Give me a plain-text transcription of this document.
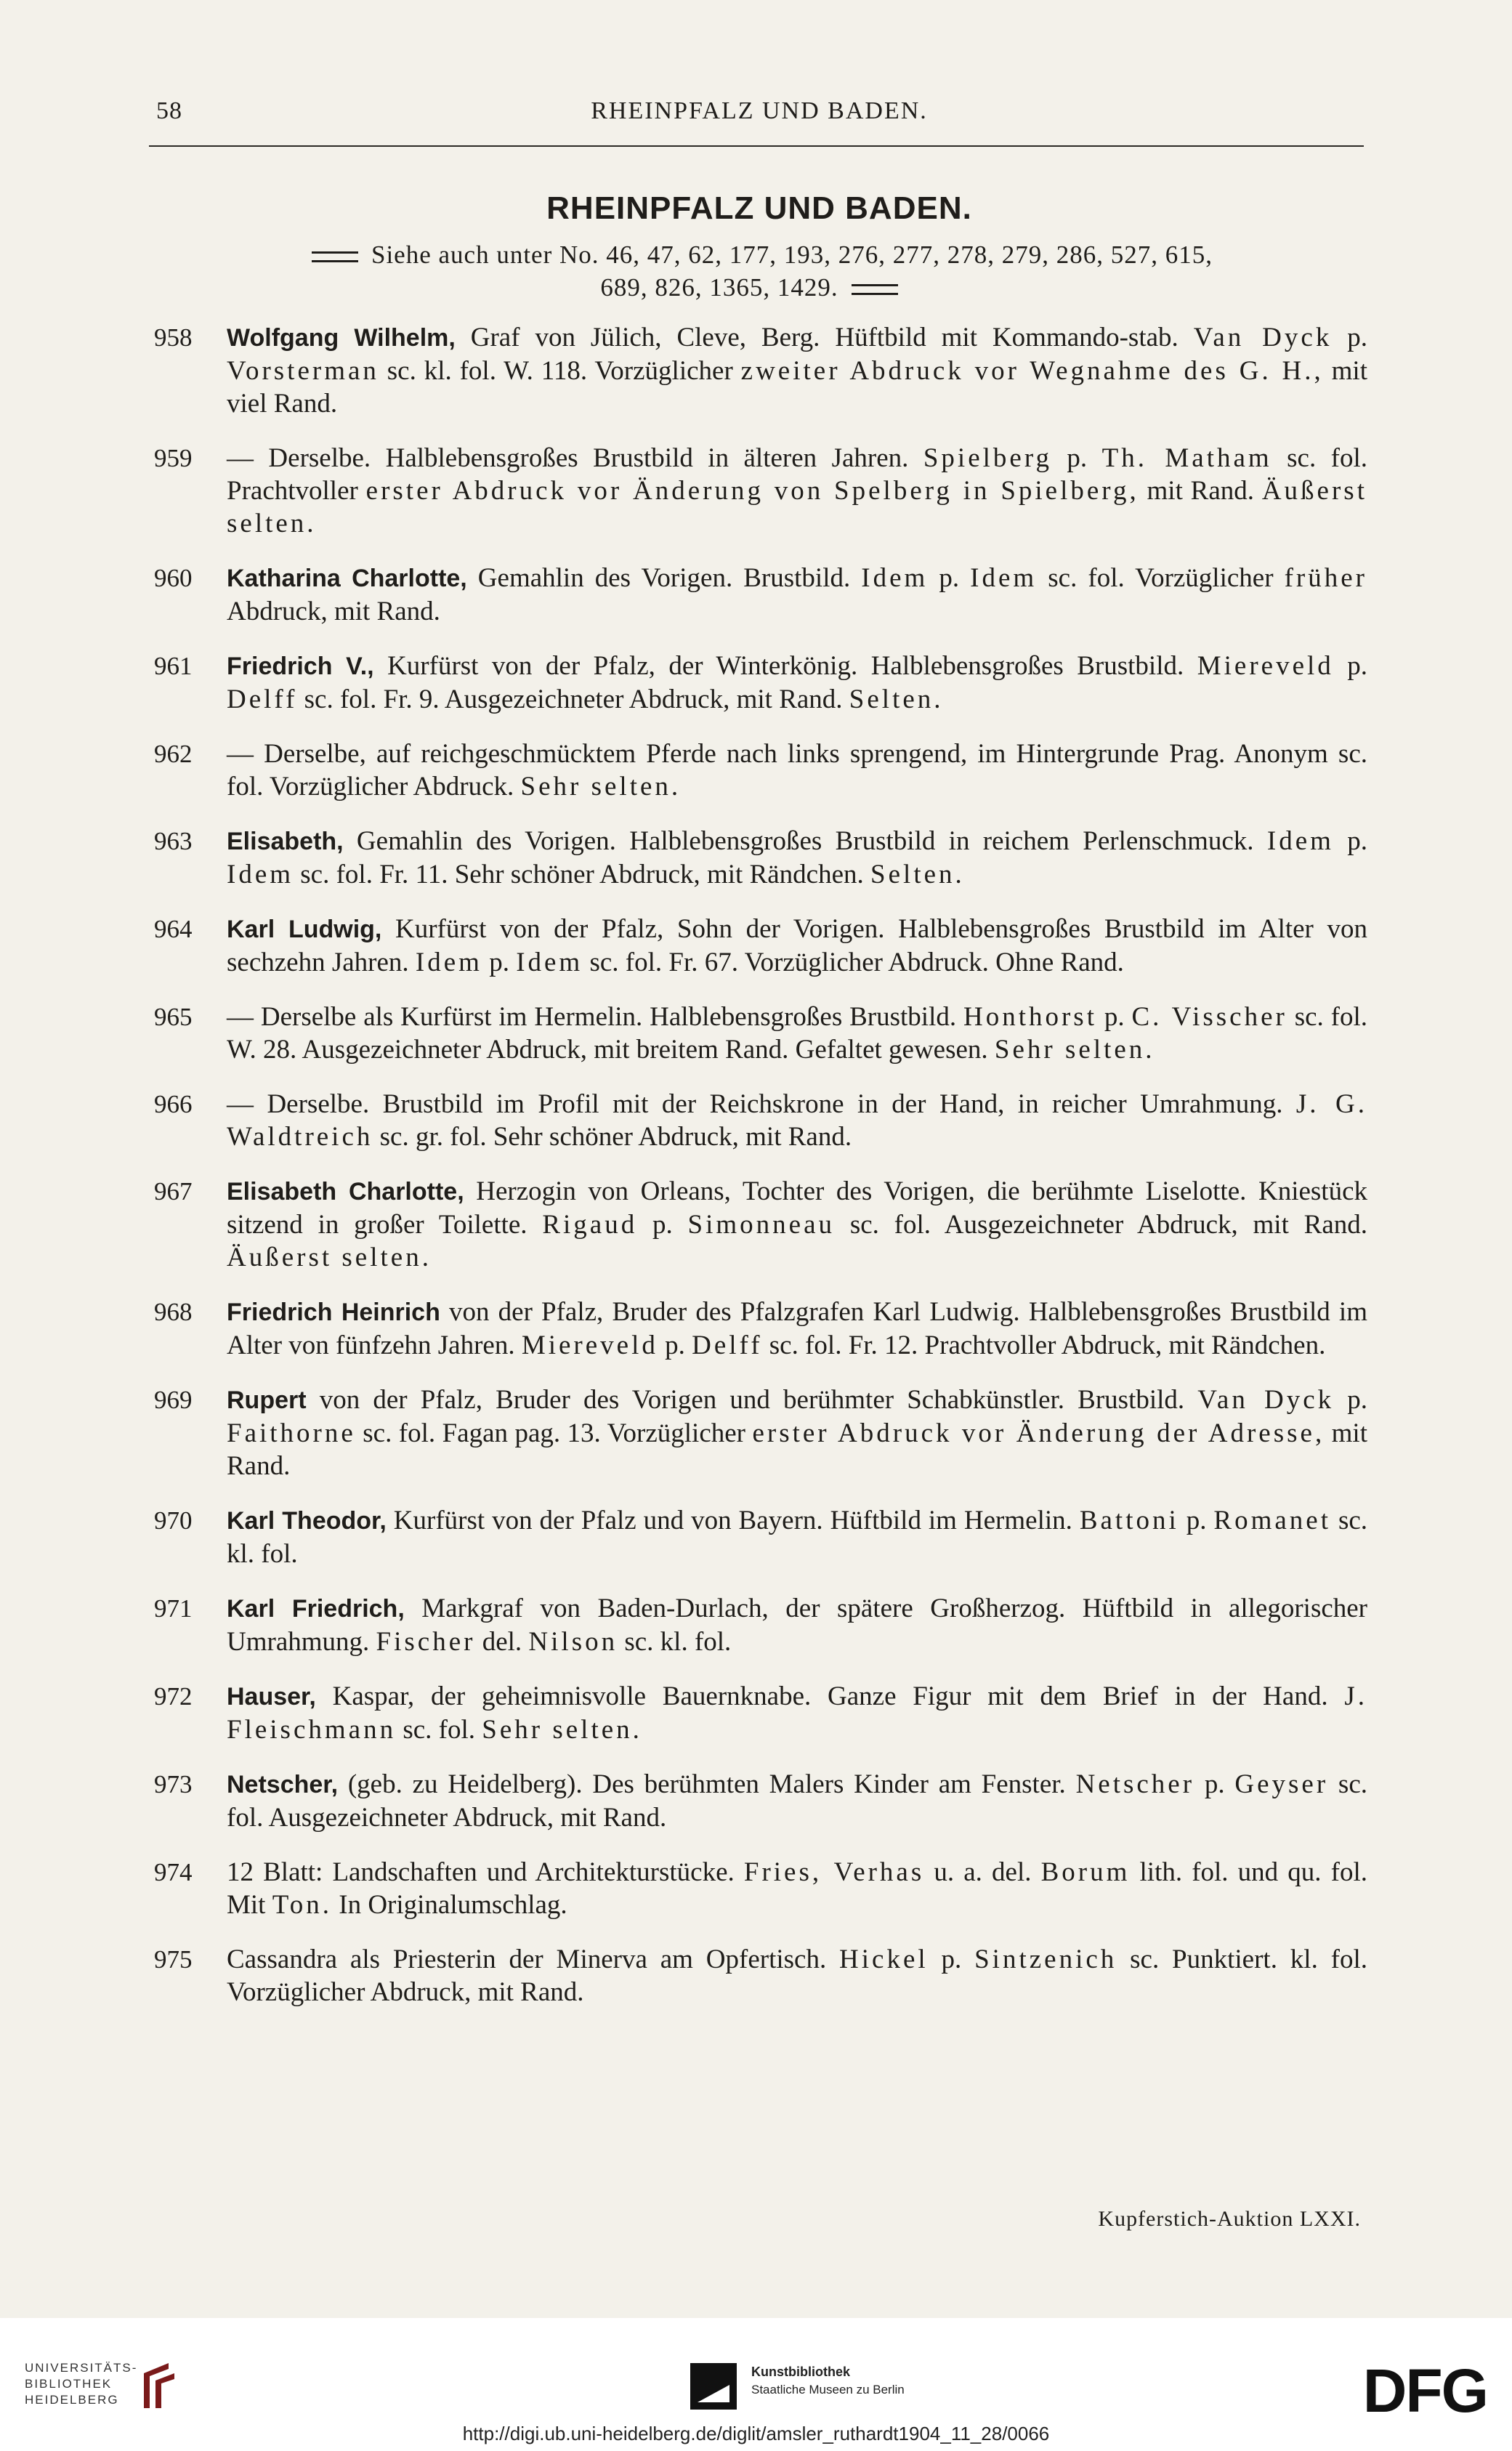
58	RHEINPFALZ UND BADEN.
RHEINPFALZ UND BADEN.
Siehe auch unter No. 46, 47, 62, 177, 193, 276, 277, 278, 279, 286, 527, 615,
689, 826, 1365, 1429.
958	Wolfgang Wilhelm, Graf von Jülich, Cleve, Berg. Hüftbild mit Kommando-stab. Van Dyck p. Vorsterman sc. kl. fol. W. 118. Vorzüglicher zweiter Abdruck vor Wegnahme des G. H., mit viel Rand.
959	— Derselbe. Halblebensgroßes Brustbild in älteren Jahren. Spielberg p. Th. Matham sc. fol. Prachtvoller erster Abdruck vor Änderung von Spelberg in Spielberg, mit Rand. Äußerst selten.
960	Katharina Charlotte, Gemahlin des Vorigen. Brustbild. Idem p. Idem sc. fol. Vorzüglicher früher Abdruck, mit Rand.
961	Friedrich V., Kurfürst von der Pfalz, der Winterkönig. Halblebensgroßes Brustbild. Miereveld p. Delff sc. fol. Fr. 9. Ausgezeichneter Abdruck, mit Rand. Selten.
962	— Derselbe, auf reichgeschmücktem Pferde nach links sprengend, im Hintergrunde Prag. Anonym sc. fol. Vorzüglicher Abdruck. Sehr selten.
963	Elisabeth, Gemahlin des Vorigen. Halblebensgroßes Brustbild in reichem Perlenschmuck. Idem p. Idem sc. fol. Fr. 11. Sehr schöner Abdruck, mit Rändchen. Selten.
964	Karl Ludwig, Kurfürst von der Pfalz, Sohn der Vorigen. Halblebensgroßes Brustbild im Alter von sechzehn Jahren. Idem p. Idem sc. fol. Fr. 67. Vorzüglicher Abdruck. Ohne Rand.
965	— Derselbe als Kurfürst im Hermelin. Halblebensgroßes Brustbild. Honthorst p. C. Visscher sc. fol. W. 28. Ausgezeichneter Abdruck, mit breitem Rand. Gefaltet gewesen. Sehr selten.
966	— Derselbe. Brustbild im Profil mit der Reichskrone in der Hand, in reicher Umrahmung. J. G. Waldtreich sc. gr. fol. Sehr schöner Abdruck, mit Rand.
967	Elisabeth Charlotte, Herzogin von Orleans, Tochter des Vorigen, die berühmte Liselotte. Kniestück sitzend in großer Toilette. Rigaud p. Simonneau sc. fol. Ausgezeichneter Abdruck, mit Rand. Äußerst selten.
968	Friedrich Heinrich von der Pfalz, Bruder des Pfalzgrafen Karl Ludwig. Halblebensgroßes Brustbild im Alter von fünfzehn Jahren. Miereveld p. Delff sc. fol. Fr. 12. Prachtvoller Abdruck, mit Rändchen.
969	Rupert von der Pfalz, Bruder des Vorigen und berühmter Schabkünstler. Brustbild. Van Dyck p. Faithorne sc. fol. Fagan pag. 13. Vorzüglicher erster Abdruck vor Änderung der Adresse, mit Rand.
970	Karl Theodor, Kurfürst von der Pfalz und von Bayern. Hüftbild im Hermelin. Battoni p. Romanet sc. kl. fol.
971	Karl Friedrich, Markgraf von Baden-Durlach, der spätere Großherzog. Hüftbild in allegorischer Umrahmung. Fischer del. Nilson sc. kl. fol.
972	Hauser, Kaspar, der geheimnisvolle Bauernknabe. Ganze Figur mit dem Brief in der Hand. J. Fleischmann sc. fol. Sehr selten.
973	Netscher, (geb. zu Heidelberg). Des berühmten Malers Kinder am Fenster. Netscher p. Geyser sc. fol. Ausgezeichneter Abdruck, mit Rand.
974	12 Blatt: Landschaften und Architekturstücke. Fries, Verhas u. a. del. Borum lith. fol. und qu. fol. Mit Ton. In Originalumschlag.
975	Cassandra als Priesterin der Minerva am Opfertisch. Hickel p. Sintzenich sc. Punktiert. kl. fol. Vorzüglicher Abdruck, mit Rand.
Kupferstich-Auktion LXXI.
UNIVERSITÄTS-
BIBLIOTHEK
HEIDELBERG
Kunstbibliothek
Staatliche Museen zu Berlin	DFG
http://digi.ub.uni-heidelberg.de/diglit/amsler_ruthardt1904_11_28/0066
